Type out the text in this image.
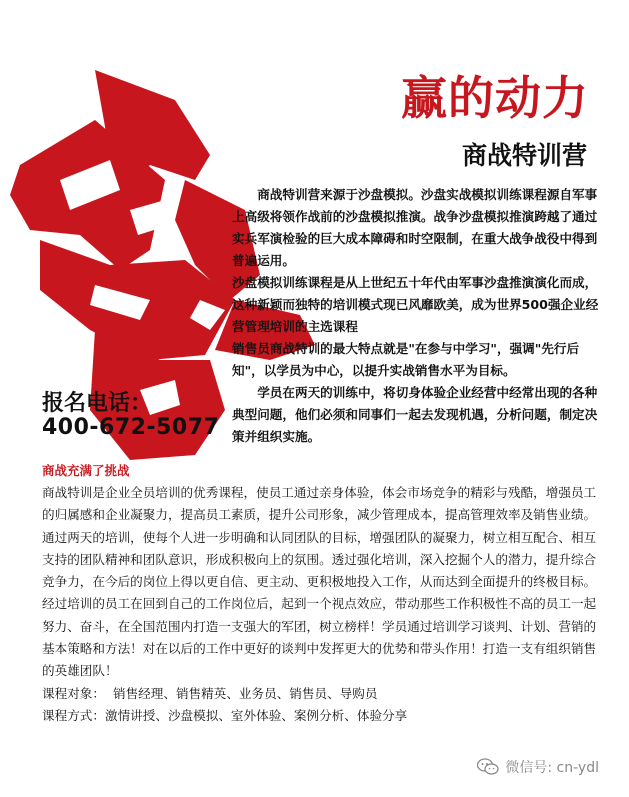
赢的动力
商战特训营

商战特训营来源于沙盘模拟。沙盘实战模拟训练课程源自军事上高级将领作战前的沙盘模拟推演。战争沙盘模拟推演跨越了通过实兵军演检验的巨大成本障碍和时空限制，在重大战争战役中得到普遍运用。

沙盘模拟训练课程是从上世纪五十年代由军事沙盘推演演化而成，这种新颖而独特的培训模式现已风靡欧美，成为世界500强企业经营管理培训的主选课程

销售员商战特训的最大特点就是"在参与中学习"，强调"先行后知"，以学员为中心，以提升实战销售水平为目标。

学员在两天的训练中，将切身体验企业经营中经常出现的各种典型问题，他们必须和同事们一起去发现机遇，分析问题，制定决策并组织实施。

报名电话：
400-672-5077
商战充满了挑战

商战特训是企业全员培训的优秀课程，使员工通过亲身体验，体会市场竞争的精彩与残酷，增强员工的归属感和企业凝聚力，提高员工素质，提升公司形象，减少管理成本，提高管理效率及销售业绩。

通过两天的培训，使每个人进一步明确和认同团队的目标，增强团队的凝聚力，树立相互配合、相互支持的团队精神和团队意识，形成积极向上的氛围。透过强化培训，深入挖掘个人的潜力，提升综合竞争力，在今后的岗位上得以更自信、更主动、更积极地投入工作，从而达到全面提升的终极目标。

经过培训的员工在回到自己的工作岗位后，起到一个视点效应，带动那些工作积极性不高的员工一起努力、奋斗，在全国范围内打造一支强大的军团，树立榜样！学员通过培训学习谈判、计划、营销的基本策略和方法！对在以后的工作中更好的谈判中发挥更大的优势和带头作用！打造一支有组织销售的英雄团队！

课程对象： 销售经理、销售精英、业务员、销售员、导购员
课程方式： 激情讲授、沙盘模拟、室外体验、案例分析、体验分享
微信号: cn-ydl
